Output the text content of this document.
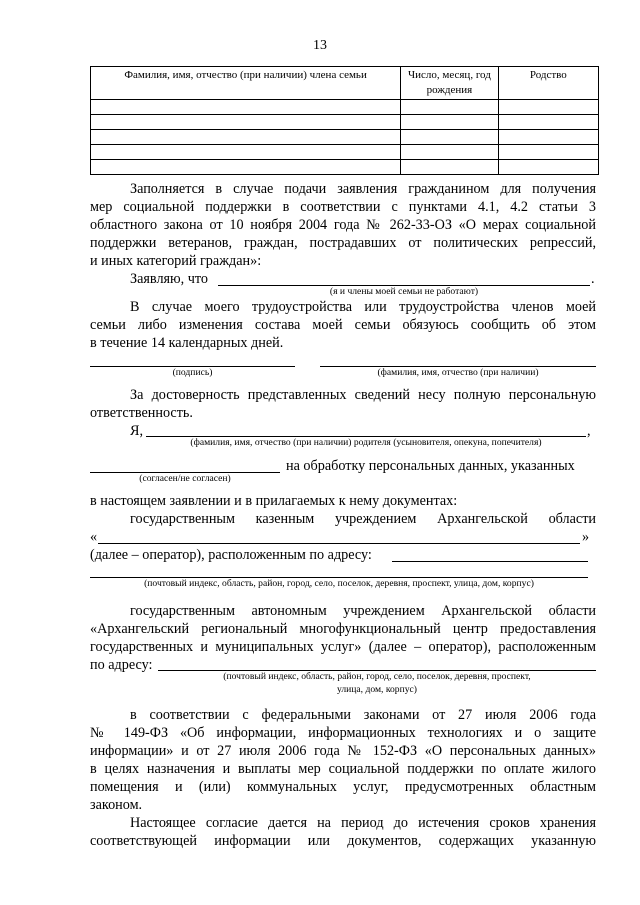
13
Фамилия, имя, отчество (при наличии) члена семьи	Число, месяц, год рождения	Родство

Заполняется в случае подачи заявления гражданином для получения
мер социальной поддержки в соответствии с пунктами 4.1, 4.2 статьи 3
областного закона от 10 ноября 2004 года № 262-33-ОЗ «О мерах социальной
поддержки ветеранов, граждан, пострадавших от политических репрессий,
и иных категорий граждан»:
Заявляю, что	.
(я и члены моей семьи не работают)
В случае моего трудоустройства или трудоустройства членов моей
семьи либо изменения состава моей семьи обязуюсь сообщить об этом
в течение 14 календарных дней.
(подпись)	(фамилия, имя, отчество (при наличии)
За достоверность представленных сведений несу полную персональную
ответственность.
Я,	,
(фамилия, имя, отчество (при наличии) родителя (усыновителя, опекуна, попечителя)
на обработку персональных данных, указанных
(согласен/не согласен)
в настоящем заявлении и в прилагаемых к нему документах:
государственным казенным учреждением Архангельской области
«	»
(далее – оператор), расположенным по адресу:
(почтовый индекс, область, район, город, село, поселок, деревня, проспект, улица, дом, корпус)
государственным автономным учреждением Архангельской области
«Архангельский региональный многофункциональный центр предоставления
государственных и муниципальных услуг» (далее – оператор), расположенным
по адресу:
(почтовый индекс, область, район, город, село, поселок, деревня, проспект,
улица, дом, корпус)
в соответствии с федеральными законами от 27 июля 2006 года
№ 149-ФЗ «Об информации, информационных технологиях и о защите
информации» и от 27 июля 2006 года № 152-ФЗ «О персональных данных»
в целях назначения и выплаты мер социальной поддержки по оплате жилого
помещения и (или) коммунальных услуг, предусмотренных областным
законом.
Настоящее согласие дается на период до истечения сроков хранения
соответствующей информации или документов, содержащих указанную
